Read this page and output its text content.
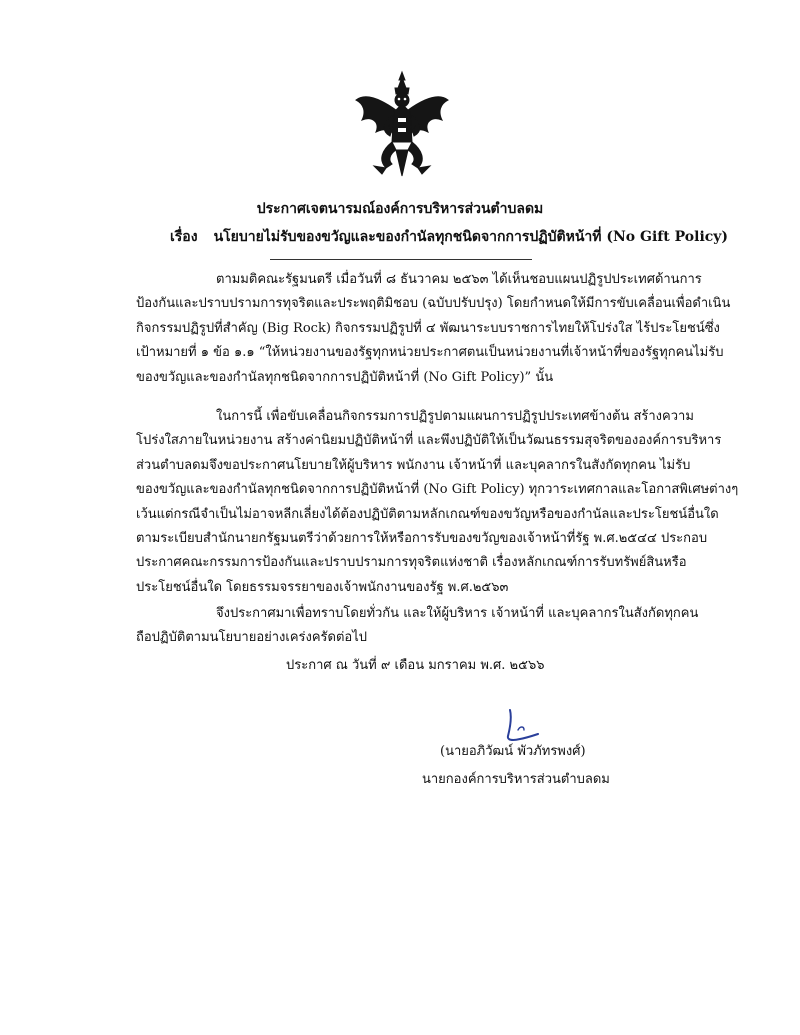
ประกาศเจตนารมณ์องค์การบริหารส่วนตำบลดม
เรื่อง นโยบายไม่รับของขวัญและของกำนัลทุกชนิดจากการปฏิบัติหน้าที่ (No Gift Policy)

ตามมติคณะรัฐมนตรี เมื่อวันที่ ๘ ธันวาคม ๒๕๖๓ ได้เห็นชอบแผนปฏิรูปประเทศด้านการ
ป้องกันและปราบปรามการทุจริตและประพฤติมิชอบ (ฉบับปรับปรุง) โดยกำหนดให้มีการขับเคลื่อนเพื่อดำเนิน
กิจกรรมปฏิรูปที่สำคัญ (Big Rock) กิจกรรมปฏิรูปที่ ๔ พัฒนาระบบราชการไทยให้โปร่งใส ไร้ประโยชน์ซึ่ง
เป้าหมายที่ ๑ ข้อ ๑.๑ “ให้หน่วยงานของรัฐทุกหน่วยประกาศตนเป็นหน่วยงานที่เจ้าหน้าที่ของรัฐทุกคนไม่รับ
ของขวัญและของกำนัลทุกชนิดจากการปฏิบัติหน้าที่ (No Gift Policy)” นั้น

ในการนี้ เพื่อขับเคลื่อนกิจกรรมการปฏิรูปตามแผนการปฏิรูปประเทศข้างต้น สร้างความ
โปร่งใสภายในหน่วยงาน สร้างค่านิยมปฏิบัติหน้าที่ และพึงปฏิบัติให้เป็นวัฒนธรรมสุจริตขององค์การบริหาร
ส่วนตำบลดมจึงขอประกาศนโยบายให้ผู้บริหาร พนักงาน เจ้าหน้าที่ และบุคลากรในสังกัดทุกคน ไม่รับ
ของขวัญและของกำนัลทุกชนิดจากการปฏิบัติหน้าที่ (No Gift Policy) ทุกวาระเทศกาลและโอกาสพิเศษต่างๆ
เว้นแต่กรณีจำเป็นไม่อาจหลีกเลี่ยงได้ต้องปฏิบัติตามหลักเกณฑ์ของขวัญหรือของกำนัลและประโยชน์อื่นใด
ตามระเบียบสำนักนายกรัฐมนตรีว่าด้วยการให้หรือการรับของขวัญของเจ้าหน้าที่รัฐ พ.ศ.๒๕๔๔ ประกอบ
ประกาศคณะกรรมการป้องกันและปราบปรามการทุจริตแห่งชาติ เรื่องหลักเกณฑ์การรับทรัพย์สินหรือ
ประโยชน์อื่นใด โดยธรรมจรรยาของเจ้าพนักงานของรัฐ พ.ศ.๒๕๖๓

จึงประกาศมาเพื่อทราบโดยทั่วกัน และให้ผู้บริหาร เจ้าหน้าที่ และบุคลากรในสังกัดทุกคน
ถือปฏิบัติตามนโยบายอย่างเคร่งครัดต่อไป

ประกาศ ณ วันที่ ๙ เดือน มกราคม พ.ศ. ๒๕๖๖
(นายอภิวัฒน์ พัวภัทรพงศ์)
นายกองค์การบริหารส่วนตำบลดม
